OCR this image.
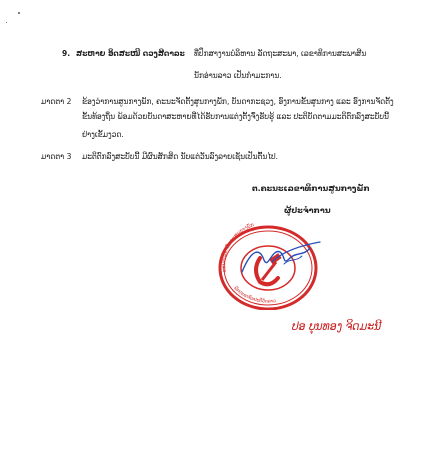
9. ສະຫາຍ ອິດສະໜີ ດວງສີດາລະ ທີ່ປຶກສາງານບໍລິຫານ ລັດຖະສະພາ, ເລຂາທິການສະພາສີນ
ນັກອ່ານລາວ ເປັນກຳມະການ.
ມາດຕາ 2 ຂ້ອງວ່າການສູນກາງພັກ, ຄະນະຈັດຕັ້ງສູນກາງພັກ, ບັນດາກະຊວງ, ອົງການຂັ້ນສູນກາງ ແລະ ອົງການຈັດຕັ້ງ
ຂັ້ນທ້ອງຖິ່ນ ພ້ອມດ້ວຍບັນດາສະຫາຍທີ່ໄດ້ຮັບການແຕ່ງຕັ້ງຈົ່ງຮັບຮູ້ ແລະ ປະຕິບັດຕາມມະຕິຕົກລົງສະບັບນີ້
ຢ່າງເຂັ້ມງວດ.
ມາດຕາ 3 ມະຕິຕົກລົງສະບັບນີ້ ມີຜົນສັກສິດ ນັບແຕ່ວັນລົງລາຍເຊັນເປັນຕົ້ນໄປ.
ຕ.ຄະນະເລຂາທິການສູນກາງພັກ
ຜູ້ປະຈໍາການ
ຄະນະເລຂາທິການສູນກາງພັກ
ພັກປະຊາຊົນປະຕິວັດລາວ
ປອ ບຸນທອງ ຈິດມະນີ
